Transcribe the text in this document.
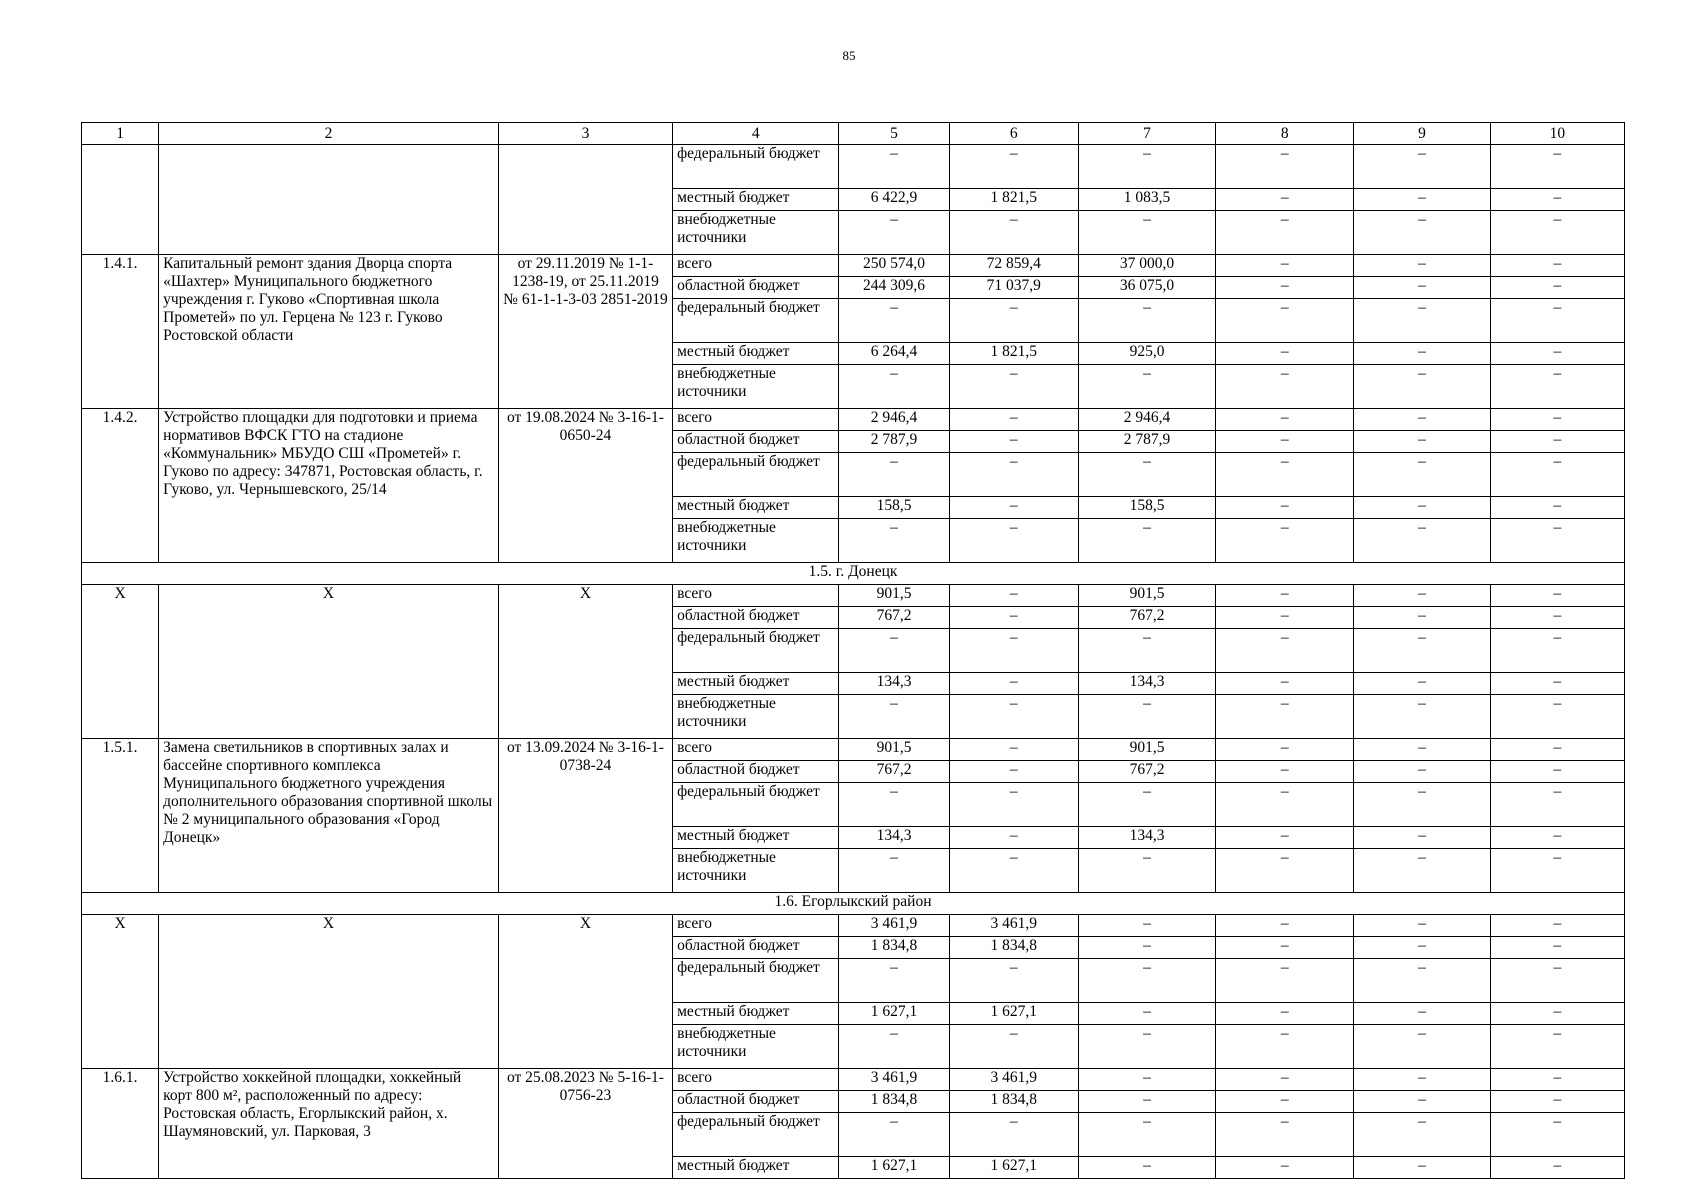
85
1	2	3	4	5	6	7	8	9	10
			федеральный бюджет	–	–	–	–	–	–
			местный бюджет	6 422,9	1 821,5	1 083,5	–	–	–
			внебюджетные источники	–	–	–	–	–	–
1.4.1.	Капитальный ремонт здания Дворца спорта «Шахтер» Муниципального бюджетного учреждения г. Гуково «Спортивная школа Прометей» по ул. Герцена № 123 г. Гуково Ростовской области	от 29.11.2019 № 1-1-1238-19, от 25.11.2019 № 61-1-1-3-03 2851-2019	всего	250 574,0	72 859,4	37 000,0	–	–	–
			областной бюджет	244 309,6	71 037,9	36 075,0	–	–	–
			федеральный бюджет	–	–	–	–	–	–
			местный бюджет	6 264,4	1 821,5	925,0	–	–	–
			внебюджетные источники	–	–	–	–	–	–
1.4.2.	Устройство площадки для подготовки и приема нормативов ВФСК ГТО на стадионе «Коммунальник» МБУДО СШ «Прометей» г. Гуково по адресу: 347871, Ростовская область, г. Гуково, ул. Чернышевского, 25/14	от 19.08.2024 № 3-16-1-0650-24	всего	2 946,4	–	2 946,4	–	–	–
			областной бюджет	2 787,9	–	2 787,9	–	–	–
			федеральный бюджет	–	–	–	–	–	–
			местный бюджет	158,5	–	158,5	–	–	–
			внебюджетные источники	–	–	–	–	–	–
1.5. г. Донецк									
Х	Х	Х	всего	901,5	–	901,5	–	–	–
			областной бюджет	767,2	–	767,2	–	–	–
			федеральный бюджет	–	–	–	–	–	–
			местный бюджет	134,3	–	134,3	–	–	–
			внебюджетные источники	–	–	–	–	–	–
1.5.1.	Замена светильников в спортивных залах и бассейне спортивного комплекса Муниципального бюджетного учреждения дополнительного образования спортивной школы № 2 муниципального образования «Город Донецк»	от 13.09.2024 № 3-16-1-0738-24	всего	901,5	–	901,5	–	–	–
			областной бюджет	767,2	–	767,2	–	–	–
			федеральный бюджет	–	–	–	–	–	–
			местный бюджет	134,3	–	134,3	–	–	–
			внебюджетные источники	–	–	–	–	–	–
1.6. Егорлыкский район									
Х	Х	Х	всего	3 461,9	3 461,9	–	–	–	–
			областной бюджет	1 834,8	1 834,8	–	–	–	–
			федеральный бюджет	–	–	–	–	–	–
			местный бюджет	1 627,1	1 627,1	–	–	–	–
			внебюджетные источники	–	–	–	–	–	–
1.6.1.	Устройство хоккейной площадки, хоккейный корт 800 м², расположенный по адресу: Ростовская область, Егорлыкский район, х. Шаумяновский, ул. Парковая, 3	от 25.08.2023 № 5-16-1-0756-23	всего	3 461,9	3 461,9	–	–	–	–
			областной бюджет	1 834,8	1 834,8	–	–	–	–
			федеральный бюджет	–	–	–	–	–	–
			местный бюджет	1 627,1	1 627,1	–	–	–	–
